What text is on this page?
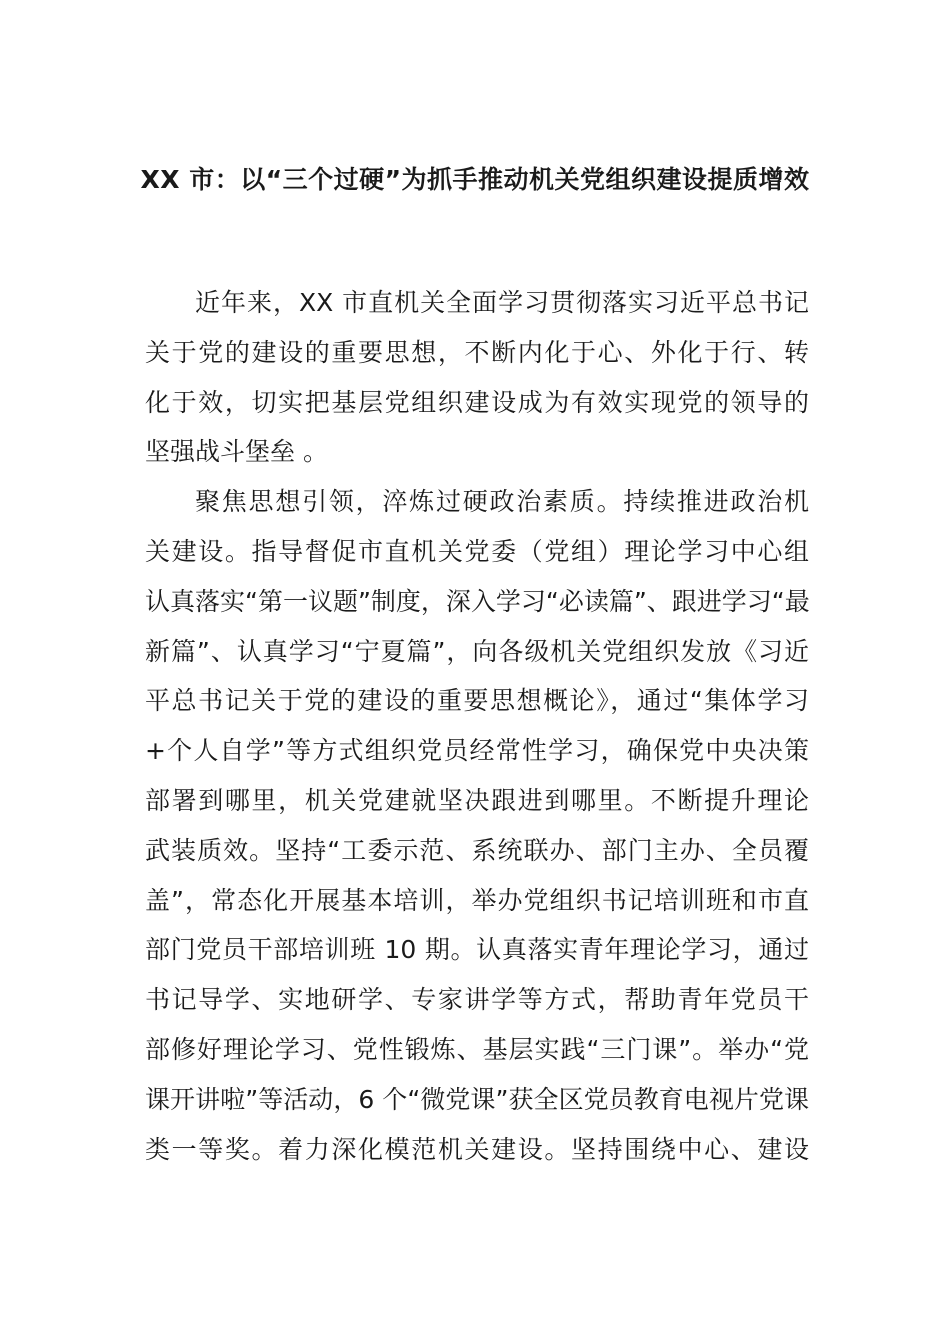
XX 市：以“三个过硬”为抓手推动机关党组织建设提质增效
近年来，XX 市直机关全面学习贯彻落实习近平总书记
关于党的建设的重要思想，不断内化于心、外化于行、转
化于效，切实把基层党组织建设成为有效实现党的领导的
坚强战斗堡垒 。
聚焦思想引领，淬炼过硬政治素质。持续推进政治机
关建设。指导督促市直机关党委（党组）理论学习中心组
认真落实“第一议题”制度，深入学习“必读篇”、跟进学习“最
新篇”、认真学习“宁夏篇”，向各级机关党组织发放《习近
平总书记关于党的建设的重要思想概论》，通过“集体学习
+个人自学”等方式组织党员经常性学习，确保党中央决策
部署到哪里，机关党建就坚决跟进到哪里。不断提升理论
武装质效。坚持“工委示范、系统联办、部门主办、全员覆
盖”，常态化开展基本培训，举办党组织书记培训班和市直
部门党员干部培训班 10 期。认真落实青年理论学习，通过
书记导学、实地研学、专家讲学等方式，帮助青年党员干
部修好理论学习、党性锻炼、基层实践“三门课”。举办“党
课开讲啦”等活动，6 个“微党课”获全区党员教育电视片党课
类一等奖。着力深化模范机关建设。坚持围绕中心、建设
